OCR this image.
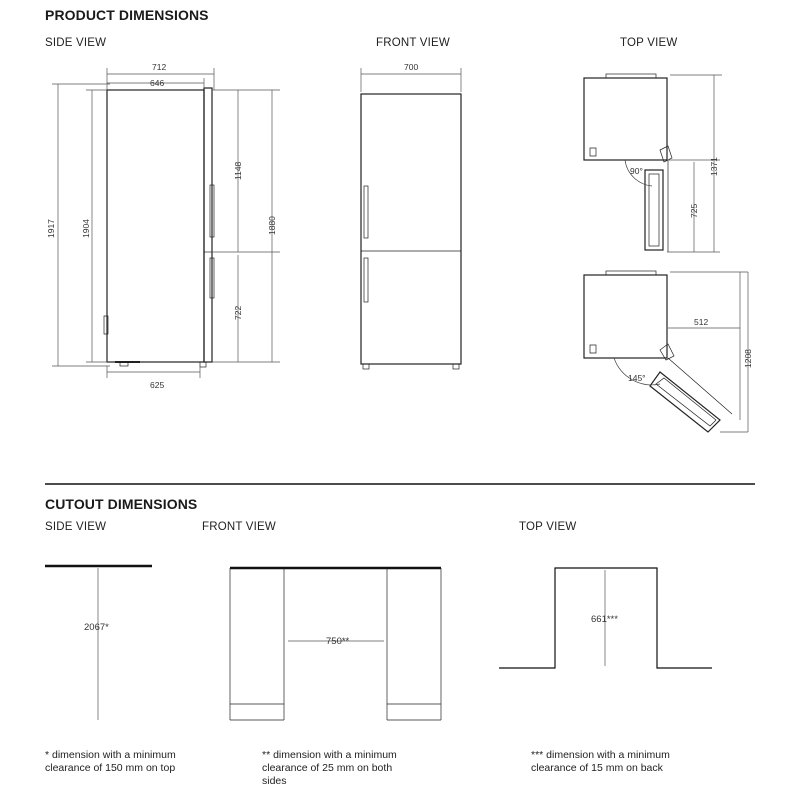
PRODUCT DIMENSIONS
SIDE VIEW	FRONT VIEW	TOP VIEW
CUTOUT DIMENSIONS
SIDE VIEW	FRONT VIEW	TOP VIEW
712
646
1917	1904
1148
1880
722
625
700
90°	1371
725
145°
512
1208
2067*
750**
661***
* dimension with a minimum
clearance of 150 mm on top
** dimension with a minimum
clearance of 25 mm on both
sides
*** dimension with a minimum
clearance of 15 mm on back
